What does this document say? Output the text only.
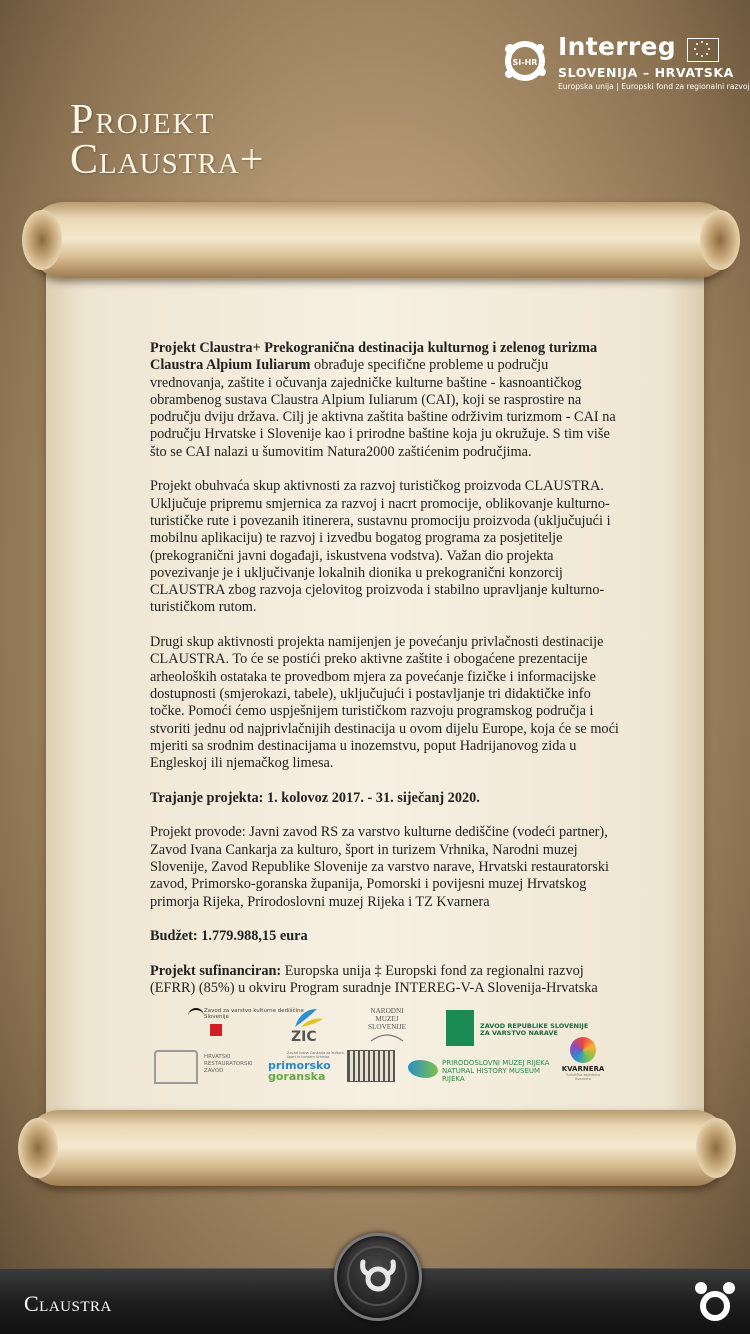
SI-HR
Interreg
SLOVENIJA – HRVATSKA
Europska unija | Europski fond za regionalni razvoj
Projekt
Claustra+

Projekt Claustra+ Prekogranična destinacija kulturnog i zelenog turizma Claustra Alpium Iuliarum obrađuje specifične probleme u području vrednovanja, zaštite i očuvanja zajedničke kulturne baštine - kasnoantičkog obrambenog sustava Claustra Alpium Iuliarum (CAI), koji se rasprostire na području dviju država. Cilj je aktivna zaštita baštine održivim turizmom - CAI na području Hrvatske i Slovenije kao i prirodne baštine koja ju okružuje. S tim više što se CAI nalazi u šumovitim Natura2000 zaštićenim područjima.

Projekt obuhvaća skup aktivnosti za razvoj turističkog proizvoda CLAUSTRA. Uključuje pripremu smjernica za razvoj i nacrt promocije, oblikovanje kulturno-turističke rute i povezanih itinerera, sustavnu promociju proizvoda (uključujući i mobilnu aplikaciju) te razvoj i izvedbu bogatog programa za posjetitelje (prekogranični javni događaji, iskustvena vodstva). Važan dio projekta povezivanje je i uključivanje lokalnih dionika u prekogranični konzorcij CLAUSTRA zbog razvoja cjelovitog proizvoda i stabilno upravljanje kulturno-turističkom rutom.

Drugi skup aktivnosti projekta namijenjen je povećanju privlačnosti destinacije CLAUSTRA. To će se postići preko aktivne zaštite i obogaćene prezentacije arheoloških ostataka te provedbom mjera za povećanje fizičke i informacijske dostupnosti (smjerokazi, tabele), uključujući i postavljanje tri didaktičke info točke. Pomoći ćemo uspješnijem turističkom razvoju programskog područja i stvoriti jednu od najprivlačnijih destinacija u ovom dijelu Europe, koja će se moći mjeriti sa srodnim destinacijama u inozemstvu, poput Hadrijanovog zida u Engleskoj ili njemačkog limesa.

Trajanje projekta: 1. kolovoz 2017. - 31. siječanj 2020.

Projekt provode: Javni zavod RS za varstvo kulturne dediščine (vodeći partner), Zavod Ivana Cankarja za kulturo, šport in turizem Vrhnika, Narodni muzej Slovenije, Zavod Republike Slovenije za varstvo narave, Hrvatski restauratorski zavod, Primorsko-goranska županija, Pomorski i povijesni muzej Hrvatskog primorja Rijeka, Prirodoslovni muzej Rijeka i TZ Kvarnera

Budžet: 1.779.988,15 eura

Projekt sufinanciran: Europska unija ‡ Europski fond za regionalni razvoj (EFRR) (85%) u okviru Program suradnje INTEREG-V-A Slovenija-Hrvatska

Zavod za varstvo kulturne dediščine Slovenije
ZIC
Zavod Ivana Cankarja za kulturo, šport in turizem Vrhnika
NARODNI MUZEJ SLOVENIJE	ZAVOD REPUBLIKE SLOVENIJE ZA VARSTVO NARAVE
HRVATSKI RESTAURATORSKI ZAVOD	primorsko
goranska
PRIRODOSLOVNI MUZEJ RIJEKA NATURAL HISTORY MUSEUM RIJEKA
KVARNERA
Turistička zajednica Kvarnera
Claustra
